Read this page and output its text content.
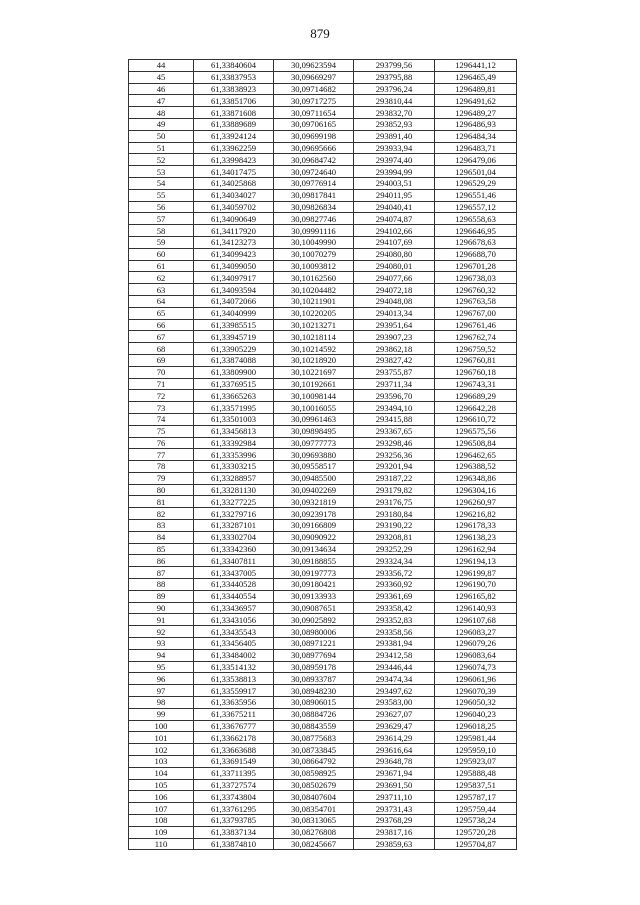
879
44	61,33840604	30,09623594	293799,56	1296441,12
45	61,33837953	30,09669297	293795,88	1296465,49
46	61,33838923	30,09714682	293796,24	1296489,81
47	61,33851706	30,09717275	293810,44	1296491,62
48	61,33871608	30,09711654	293832,70	1296489,27
49	61,33889689	30,09706165	293852,93	1296486,93
50	61,33924124	30,09699198	293891,40	1296484,34
51	61,33962259	30,09695666	293933,94	1296483,71
52	61,33998423	30,09684742	293974,40	1296479,06
53	61,34017475	30,09724640	293994,99	1296501,04
54	61,34025868	30,09776914	294003,51	1296529,29
55	61,34034027	30,09817841	294011,95	1296551,46
56	61,34059702	30,09826834	294040,41	1296557,12
57	61,34090649	30,09827746	294074,87	1296558,63
58	61,34117920	30,09991116	294102,66	1296646,95
59	61,34123273	30,10049990	294107,69	1296678,63
60	61,34099423	30,10070279	294080,80	1296688,70
61	61,34099050	30,10093812	294080,01	1296701,28
62	61,34097917	30,10162560	294077,66	1296738,03
63	61,34093594	30,10204482	294072,18	1296760,32
64	61,34072066	30,10211901	294048,08	1296763,58
65	61,34040999	30,10220205	294013,34	1296767,00
66	61,33985515	30,10213271	293951,64	1296761,46
67	61,33945719	30,10218114	293907,23	1296762,74
68	61,33905229	30,10214592	293862,18	1296759,52
69	61,33874088	30,10218920	293827,42	1296760,81
70	61,33809900	30,10221697	293755,87	1296760,18
71	61,33769515	30,10192661	293711,34	1296743,31
72	61,33665263	30,10098144	293596,70	1296689,29
73	61,33571995	30,10016055	293494,10	1296642,28
74	61,33501003	30,09961463	293415,88	1296610,72
75	61,33456813	30,09898495	293367,65	1296575,56
76	61,33392984	30,09777773	293298,46	1296508,84
77	61,33353996	30,09693880	293256,36	1296462,65
78	61,33303215	30,09558517	293201,94	1296388,52
79	61,33288957	30,09485500	293187,22	1296348,86
80	61,33281130	30,09402269	293179,82	1296304,16
81	61,33277225	30,09321819	293176,75	1296260,97
82	61,33279716	30,09239178	293180,84	1296216,82
83	61,33287101	30,09166809	293190,22	1296178,33
84	61,33302704	30,09090922	293208,81	1296138,23
85	61,33342360	30,09134634	293252,29	1296162,94
86	61,33407811	30,09188855	293324,34	1296194,13
87	61,33437005	30,09197773	293356,72	1296199,87
88	61,33440528	30,09180421	293360,92	1296190,70
89	61,33440554	30,09133933	293361,69	1296165,82
90	61,33436957	30,09087651	293358,42	1296140,93
91	61,33431056	30,09025892	293352,83	1296107,68
92	61,33435543	30,08980006	293358,56	1296083,27
93	61,33456405	30,08971221	293381,94	1296079,26
94	61,33484002	30,08977694	293412,58	1296083,64
95	61,33514132	30,08959178	293446,44	1296074,73
96	61,33538813	30,08933787	293474,34	1296061,96
97	61,33559917	30,08948230	293497,62	1296070,39
98	61,33635956	30,08906015	293583,00	1296050,32
99	61,33675211	30,08884726	293627,07	1296040,23
100	61,33676777	30,08843559	293629,47	1296018,25
101	61,33662178	30,08775683	293614,29	1295981,44
102	61,33663688	30,08733845	293616,64	1295959,10
103	61,33691549	30,08664792	293648,78	1295923,07
104	61,33711395	30,08598925	293671,94	1295888,48
105	61,33727574	30,08502679	293691,50	1295837,51
106	61,33743804	30,08407604	293711,10	1295787,17
107	61,33761295	30,08354701	293731,43	1295759,44
108	61,33793785	30,08313065	293768,29	1295738,24
109	61,33837134	30,08276808	293817,16	1295720,28
110	61,33874810	30,08245667	293859,63	1295704,87
